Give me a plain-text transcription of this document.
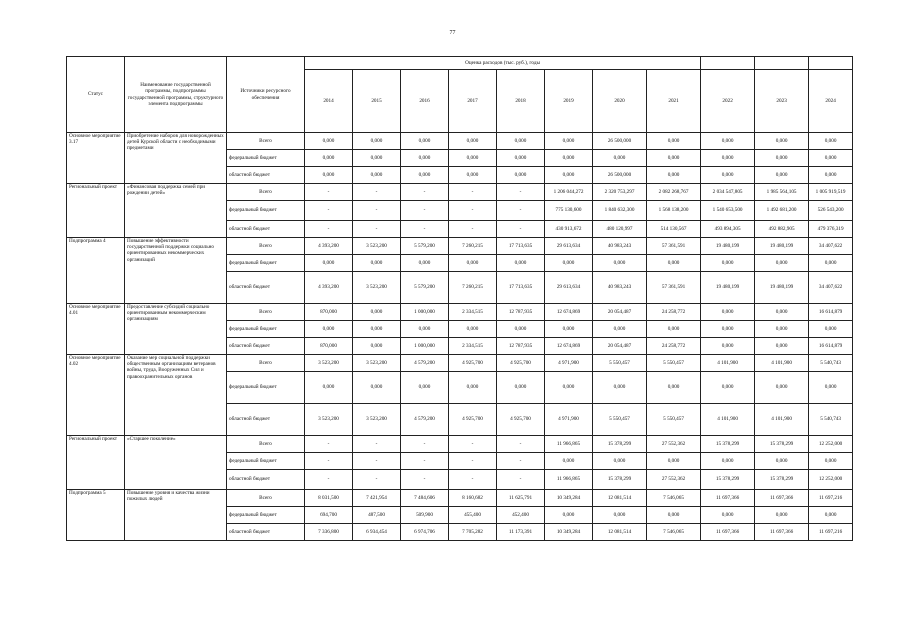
77
Статус	Наименование государственной программы, подпрограммы государственной программы, структурного элемента подпрограммы	Источники ресурсного обеспечения	Оценка расходов (тыс. руб.), годы										
			2014	2015	2016	2017	2018	2019	2020	2021	2022	2023	2024
Основное мероприятие 3.17	Приобретение наборов для новорожденных детей Курской области с необходимыми предметами	Всего	0,000	0,000	0,000	0,000	0,000	0,000	26 500,000	0,000	0,000	0,000	0,000
		федеральный бюджет	0,000	0,000	0,000	0,000	0,000	0,000	0,000	0,000	0,000	0,000	0,000
		областной бюджет	0,000	0,000	0,000	0,000	0,000	0,000	26 500,000	0,000	0,000	0,000	0,000
Региональный проект	«Финансовая поддержка семей при рождении детей»	Всего	-	-	-	-	-	1 206 044,272	2 320 753,297	2 082 268,767	2 034 547,805	1 985 564,105	1 005 919,519
		федеральный бюджет	-	-	-	-	-	775 130,600	1 840 632,300	1 568 138,200	1 540 653,500	1 492 681,200	526 543,200
		областной бюджет	-	-	-	-	-	430 913,672	480 120,997	514 130,567	493 894,305	492 882,905	479 376,319
Подпрограмма 4	Повышение эффективности государственной поддержки социально ориентированных некоммерческих организаций	Всего	4 393,200	3 523,200	5 579,200	7 260,215	17 713,635	29 613,634	40 983,243	57 361,591	19 480,199	19 480,199	34 407,622
		федеральный бюджет	0,000	0,000	0,000	0,000	0,000	0,000	0,000	0,000	0,000	0,000	0,000
		областной бюджет	4 393,200	3 523,200	5 579,200	7 260,215	17 713,635	29 613,634	40 983,243	57 361,591	19 480,199	19 480,199	34 407,622
Основное мероприятие 4.01	Предоставление субсидий социально ориентированным некоммерческим организациям	Всего	870,000	0,000	1 000,000	2 334,515	12 787,935	12 674,869	20 054,487	24 258,772	0,000	0,000	16 614,879
		федеральный бюджет	0,000	0,000	0,000	0,000	0,000	0,000	0,000	0,000	0,000	0,000	0,000
		областной бюджет	870,000	0,000	1 000,000	2 334,515	12 787,935	12 674,869	20 054,487	24 258,772	0,000	0,000	16 614,879
Основное мероприятие 4.02	Оказание мер социальной поддержки общественным организациям ветеранов войны, труда, Вооруженных Сил и правоохранительных органов	Всего	3 523,200	3 523,200	4 579,200	4 925,700	4 925,700	4 971,900	5 550,457	5 550,457	4 101,900	4 101,900	5 540,743
		федеральный бюджет	0,000	0,000	0,000	0,000	0,000	0,000	0,000	0,000	0,000	0,000	0,000
		областной бюджет	3 523,200	3 523,200	4 579,200	4 925,700	4 925,700	4 971,900	5 550,457	5 550,457	4 101,900	4 101,900	5 540,743
Региональный проект	«Старшее поколение»	Всего	-	-	-	-	-	11 966,865	15 378,299	27 552,362	15 378,299	15 378,299	12 252,000
		федеральный бюджет	-	-	-	-	-	0,000	0,000	0,000	0,000	0,000	0,000
		областной бюджет	-	-	-	-	-	11 966,865	15 378,299	27 552,362	15 378,299	15 378,299	12 252,000
Подпрограмма 5	Повышение уровня и качества жизни пожилых людей	Всего	8 031,500	7 421,954	7 484,606	8 160,682	11 625,791	10 349,284	12 081,514	7 546,065	11 697,366	11 697,366	11 697,216
		федеральный бюджет	694,700	487,500	509,900	455,400	452,400	0,000	0,000	0,000	0,000	0,000	0,000
		областной бюджет	7 336,800	6 934,454	6 974,706	7 705,282	11 173,391	10 349,284	12 081,514	7 546,065	11 697,366	11 697,366	11 697,216
